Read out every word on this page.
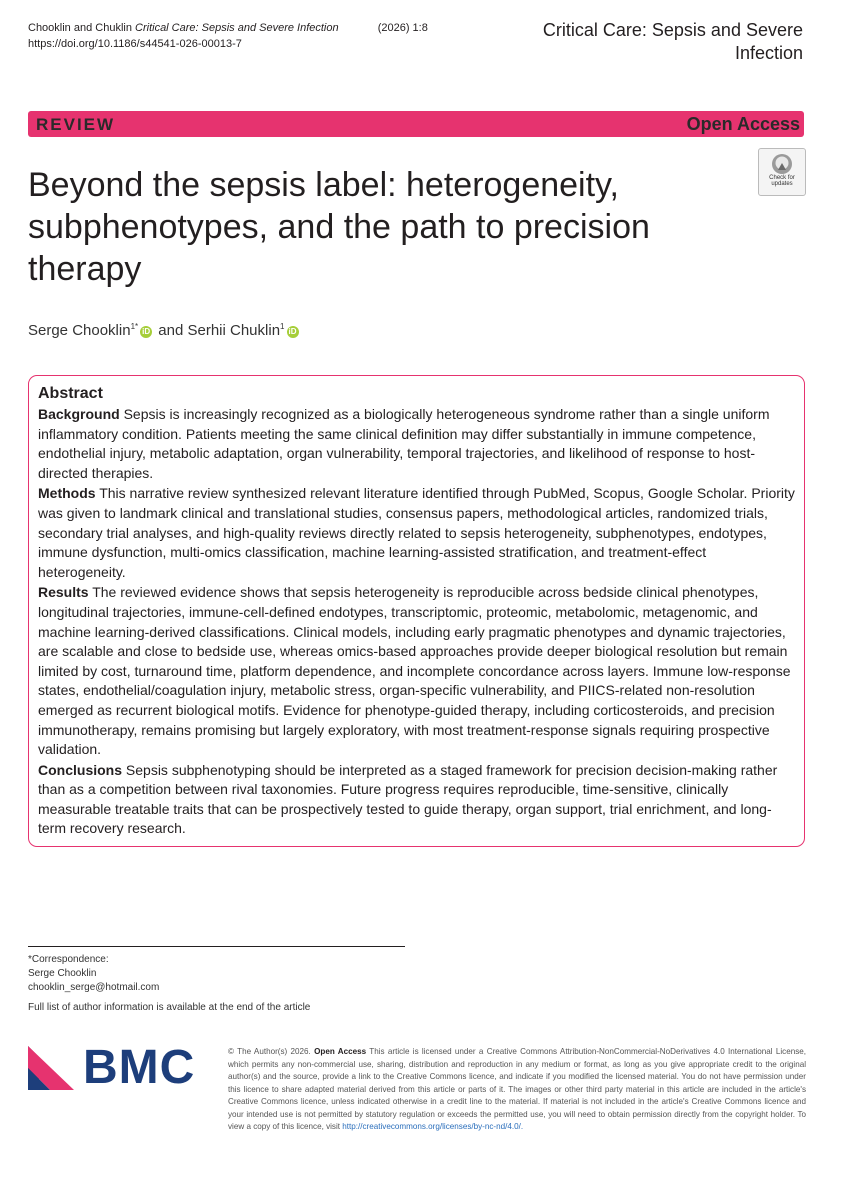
Chooklin and Chuklin Critical Care: Sepsis and Severe Infection	(2026) 1:8
https://doi.org/10.1186/s44541-026-00013-7
Critical Care: Sepsis and Severe
Infection
REVIEW	Open Access
Check for
updates
Beyond the sepsis label: heterogeneity, subphenotypes, and the path to precision therapy
Serge Chooklin$^{1*}$iD and Serhii Chuklin$^1$iD
Abstract

Background Sepsis is increasingly recognized as a biologically heterogeneous syndrome rather than a single uniform inflammatory condition. Patients meeting the same clinical definition may differ substantially in immune competence, endothelial injury, metabolic adaptation, organ vulnerability, temporal trajectories, and likelihood of response to host-directed therapies.

Methods This narrative review synthesized relevant literature identified through PubMed, Scopus, Google Scholar. Priority was given to landmark clinical and translational studies, consensus papers, methodological articles, randomized trials, secondary trial analyses, and high-quality reviews directly related to sepsis heterogeneity, subphenotypes, endotypes, immune dysfunction, multi-omics classification, machine learning-assisted stratification, and treatment-effect heterogeneity.

Results The reviewed evidence shows that sepsis heterogeneity is reproducible across bedside clinical phenotypes, longitudinal trajectories, immune-cell-defined endotypes, transcriptomic, proteomic, metabolomic, metagenomic, and machine learning-derived classifications. Clinical models, including early pragmatic phenotypes and dynamic trajectories, are scalable and close to bedside use, whereas omics-based approaches provide deeper biological resolution but remain limited by cost, turnaround time, platform dependence, and incomplete concordance across layers. Immune low-response states, endothelial/coagulation injury, metabolic stress, organ-specific vulnerability, and PIICS-related non-resolution emerged as recurrent biological motifs. Evidence for phenotype-guided therapy, including corticosteroids, and precision immunotherapy, remains promising but largely exploratory, with most treatment-response signals requiring prospective validation.

Conclusions Sepsis subphenotyping should be interpreted as a staged framework for precision decision-making rather than as a competition between rival taxonomies. Future progress requires reproducible, time-sensitive, clinically measurable treatable traits that can be prospectively tested to guide therapy, organ support, trial enrichment, and long-term recovery research.

*Correspondence:
Serge Chooklin
chooklin_serge@hotmail.com
Full list of author information is available at the end of the article
BMC	© The Author(s) 2026. Open Access This article is licensed under a Creative Commons Attribution-NonCommercial-NoDerivatives 4.0 International License, which permits any non-commercial use, sharing, distribution and reproduction in any medium or format, as long as you give appropriate credit to the original author(s) and the source, provide a link to the Creative Commons licence, and indicate if you modified the licensed material. You do not have permission under this licence to share adapted material derived from this article or parts of it. The images or other third party material in this article are included in the article's Creative Commons licence, unless indicated otherwise in a credit line to the material. If material is not included in the article's Creative Commons licence and your intended use is not permitted by statutory regulation or exceeds the permitted use, you will need to obtain permission directly from the copyright holder. To view a copy of this licence, visit http://creativecommons.org/licenses/by-nc-nd/4.0/.
